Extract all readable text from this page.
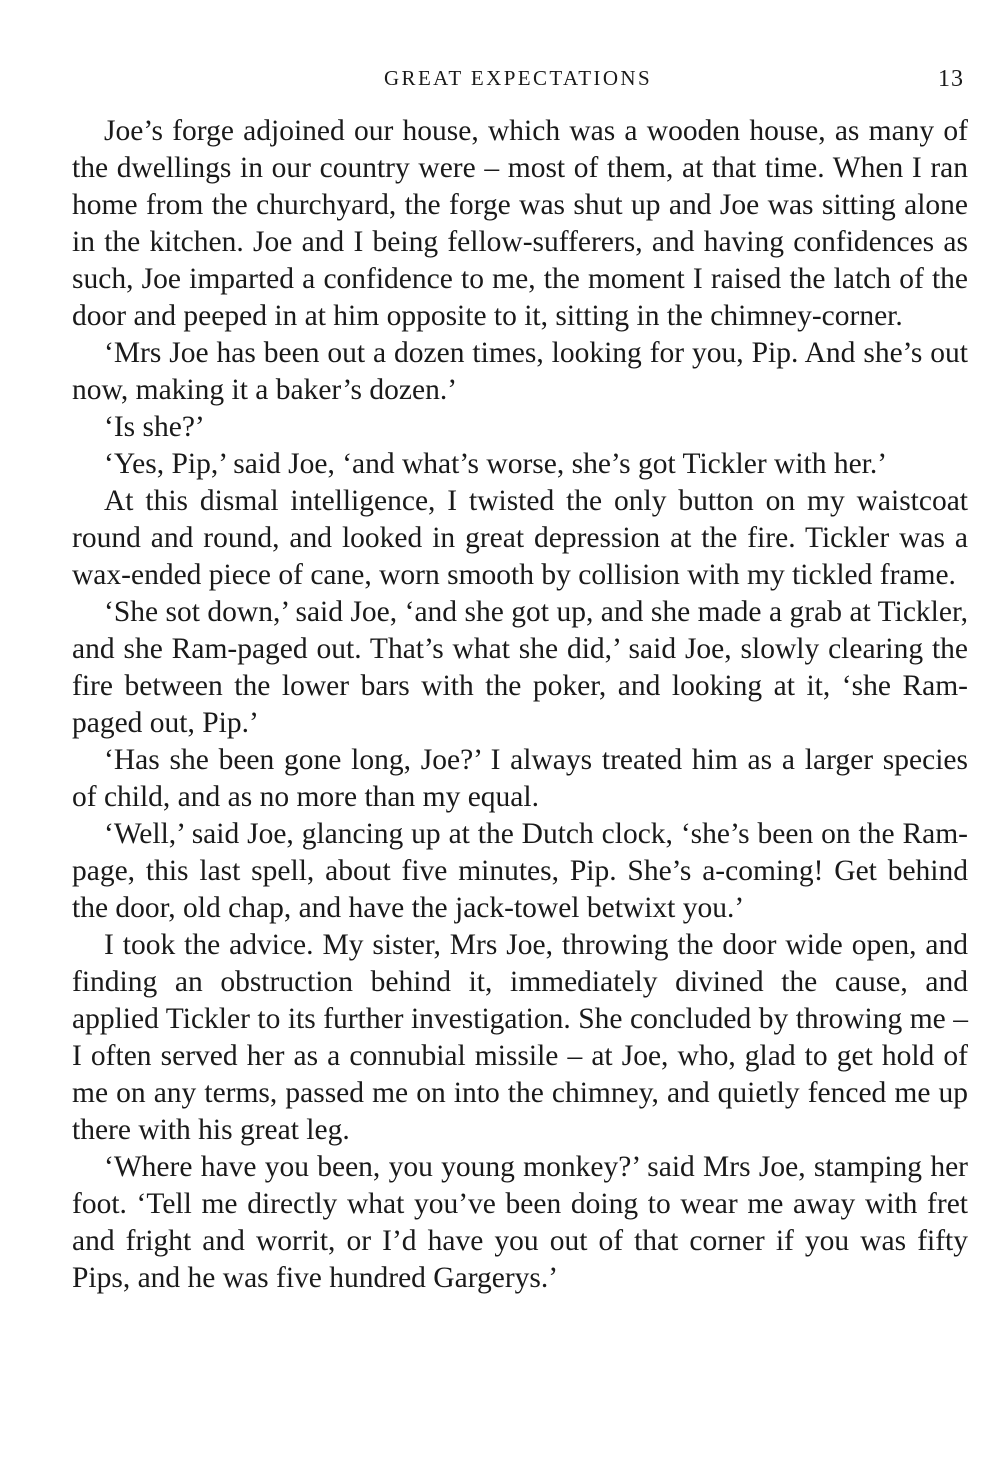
GREAT EXPECTATIONS	13

Joe’s forge adjoined our house, which was a wooden house, as many of the dwellings in our country were – most of them, at that time. When I ran home from the churchyard, the forge was shut up and Joe was sitting alone in the kitchen. Joe and I being fellow-sufferers, and having confidences as such, Joe imparted a confidence to me, the moment I raised the latch of the door and peeped in at him opposite to it, sitting in the chimney-corner.

‘Mrs Joe has been out a dozen times, looking for you, Pip. And she’s out now, making it a baker’s dozen.’

‘Is she?’

‘Yes, Pip,’ said Joe, ‘and what’s worse, she’s got Tickler with her.’

At this dismal intelligence, I twisted the only button on my waistcoat round and round, and looked in great depression at the fire. Tickler was a wax-ended piece of cane, worn smooth by collision with my tickled frame.

‘She sot down,’ said Joe, ‘and she got up, and she made a grab at Tickler, and she Ram-paged out. That’s what she did,’ said Joe, slowly clearing the fire between the lower bars with the poker, and looking at it, ‘she Ram-paged out, Pip.’

‘Has she been gone long, Joe?’ I always treated him as a larger species of child, and as no more than my equal.

‘Well,’ said Joe, glancing up at the Dutch clock, ‘she’s been on the Ram-page, this last spell, about five minutes, Pip. She’s a-coming! Get behind the door, old chap, and have the jack-towel betwixt you.’

I took the advice. My sister, Mrs Joe, throwing the door wide open, and finding an obstruction behind it, immediately divined the cause, and applied Tickler to its further investigation. She concluded by throwing me – I often served her as a connubial missile – at Joe, who, glad to get hold of me on any terms, passed me on into the chimney, and quietly fenced me up there with his great leg.

‘Where have you been, you young monkey?’ said Mrs Joe, stamping her foot. ‘Tell me directly what you’ve been doing to wear me away with fret and fright and worrit, or I’d have you out of that corner if you was fifty Pips, and he was five hundred Gargerys.’
